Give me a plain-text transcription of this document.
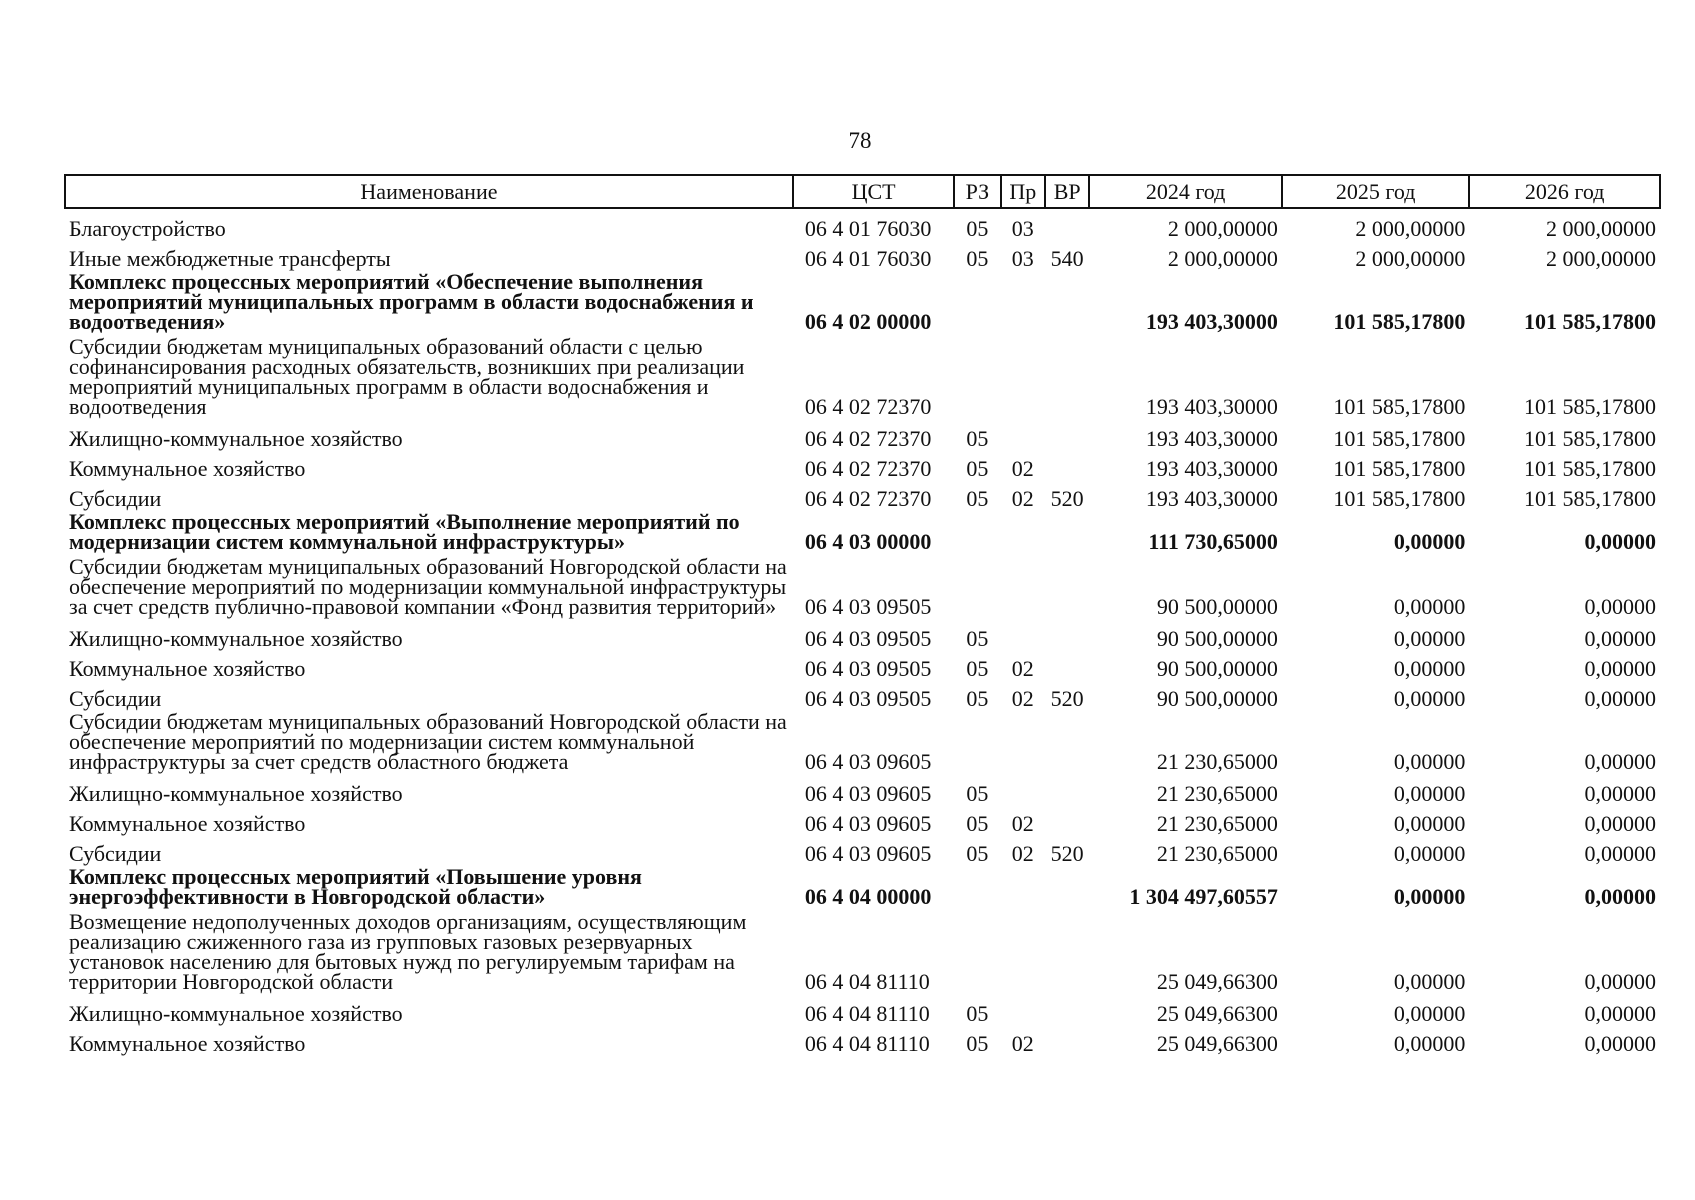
78
Наименование	ЦСТ	РЗ	Пр	ВР	2024 год	2025 год	2026 год
Благоустройство	06 4 01 76030	05	03		2 000,00000	2 000,00000	2 000,00000
Иные межбюджетные трансферты	06 4 01 76030	05	03	540	2 000,00000	2 000,00000	2 000,00000
Комплекс процессных мероприятий «Обеспечение выполнения мероприятий муниципальных программ в области водоснабжения и водоотведения»	06 4 02 00000				193 403,30000	101 585,17800	101 585,17800
Субсидии бюджетам муниципальных образований области с целью софинансирования расходных обязательств, возникших при реализации мероприятий муниципальных программ в области водоснабжения и водоотведения	06 4 02 72370				193 403,30000	101 585,17800	101 585,17800
Жилищно-коммунальное хозяйство	06 4 02 72370	05			193 403,30000	101 585,17800	101 585,17800
Коммунальное хозяйство	06 4 02 72370	05	02		193 403,30000	101 585,17800	101 585,17800
Субсидии	06 4 02 72370	05	02	520	193 403,30000	101 585,17800	101 585,17800
Комплекс процессных мероприятий «Выполнение мероприятий по модернизации систем коммунальной инфраструктуры»	06 4 03 00000				111 730,65000	0,00000	0,00000
Субсидии бюджетам муниципальных образований Новгородской области на обеспечение мероприятий по модернизации коммунальной инфраструктуры за счет средств публично-правовой компании «Фонд развития территорий»	06 4 03 09505				90 500,00000	0,00000	0,00000
Жилищно-коммунальное хозяйство	06 4 03 09505	05			90 500,00000	0,00000	0,00000
Коммунальное хозяйство	06 4 03 09505	05	02		90 500,00000	0,00000	0,00000
Субсидии	06 4 03 09505	05	02	520	90 500,00000	0,00000	0,00000
Субсидии бюджетам муниципальных образований Новгородской области на обеспечение мероприятий по модернизации систем коммунальной инфраструктуры за счет средств областного бюджета	06 4 03 09605				21 230,65000	0,00000	0,00000
Жилищно-коммунальное хозяйство	06 4 03 09605	05			21 230,65000	0,00000	0,00000
Коммунальное хозяйство	06 4 03 09605	05	02		21 230,65000	0,00000	0,00000
Субсидии	06 4 03 09605	05	02	520	21 230,65000	0,00000	0,00000
Комплекс процессных мероприятий «Повышение уровня энергоэффективности в Новгородской области»	06 4 04 00000				1 304 497,60557	0,00000	0,00000
Возмещение недополученных доходов организациям, осуществляющим реализацию сжиженного газа из групповых газовых резервуарных установок населению для бытовых нужд по регулируемым тарифам на территории Новгородской области	06 4 04 81110				25 049,66300	0,00000	0,00000
Жилищно-коммунальное хозяйство	06 4 04 81110	05			25 049,66300	0,00000	0,00000
Коммунальное хозяйство	06 4 04 81110	05	02		25 049,66300	0,00000	0,00000
